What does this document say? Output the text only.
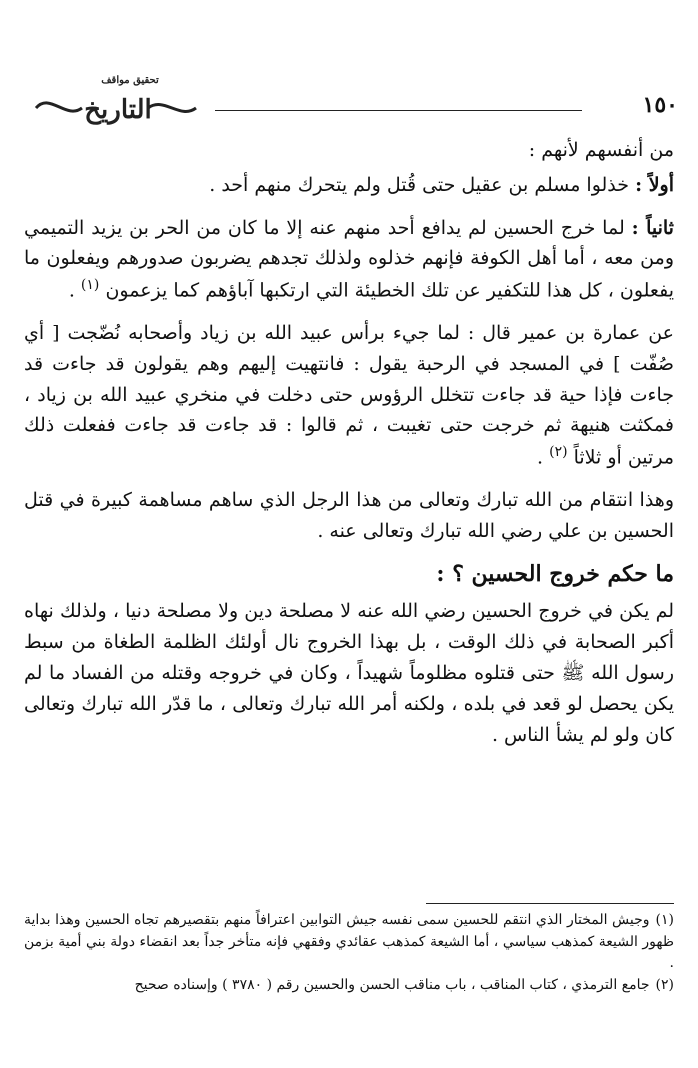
تحقيق مواقف
التاريخ	١٥٠

من أنفسهم لأنهم :

أولاً : خذلوا مسلم بن عقيل حتى قُتل ولم يتحرك منهم أحد .

ثانياً : لما خرج الحسين لم يدافع أحد منهم عنه إلا ما كان من الحر بن يزيد التميمي ومن معه ، أما أهل الكوفة فإنهم خذلوه ولذلك تجدهم يضربون صدورهم ويفعلون ما يفعلون ، كل هذا للتكفير عن تلك الخطيئة التي ارتكبها آباؤهم كما يزعمون $^{(١)}$ .

عن عمارة بن عمير قال : لما جيء برأس عبيد الله بن زياد وأصحابه نُضّجت [ أي صُفّت ] في المسجد في الرحبة يقول : فانتهيت إليهم وهم يقولون قد جاءت قد جاءت فإذا حية قد جاءت تتخلل الرؤوس حتى دخلت في منخري عبيد الله بن زياد ، فمكثت هنيهة ثم خرجت حتى تغيبت ، ثم قالوا : قد جاءت قد جاءت ففعلت ذلك مرتين أو ثلاثاً $^{(٢)}$ .

وهذا انتقام من الله تبارك وتعالى من هذا الرجل الذي ساهم مساهمة كبيرة في قتل الحسين بن علي رضي الله تبارك وتعالى عنه .

ما حكم خروج الحسين ؟ :

لم يكن في خروج الحسين رضي الله عنه لا مصلحة دين ولا مصلحة دنيا ، ولذلك نهاه أكبر الصحابة في ذلك الوقت ، بل بهذا الخروج نال أولئك الظلمة الطغاة من سبط رسول الله ﷺ حتى قتلوه مظلوماً شهيداً ، وكان في خروجه وقتله من الفساد ما لم يكن يحصل لو قعد في بلده ، ولكنه أمر الله تبارك وتعالى ، ما قدّر الله تبارك وتعالى كان ولو لم يشأ الناس .

(١)وجيش المختار الذي انتقم للحسين سمى نفسه جيش التوابين اعترافاً منهم بتقصيرهم تجاه الحسين وهذا بداية ظهور الشيعة كمذهب سياسي ، أما الشيعة كمذهب عقائدي وفقهي فإنه متأخر جداً بعد انقضاء دولة بني أمية بزمن .

(٢)جامع الترمذي ، كتاب المناقب ، باب مناقب الحسن والحسين رقم ( ٣٧٨٠ ) وإسناده صحيح
